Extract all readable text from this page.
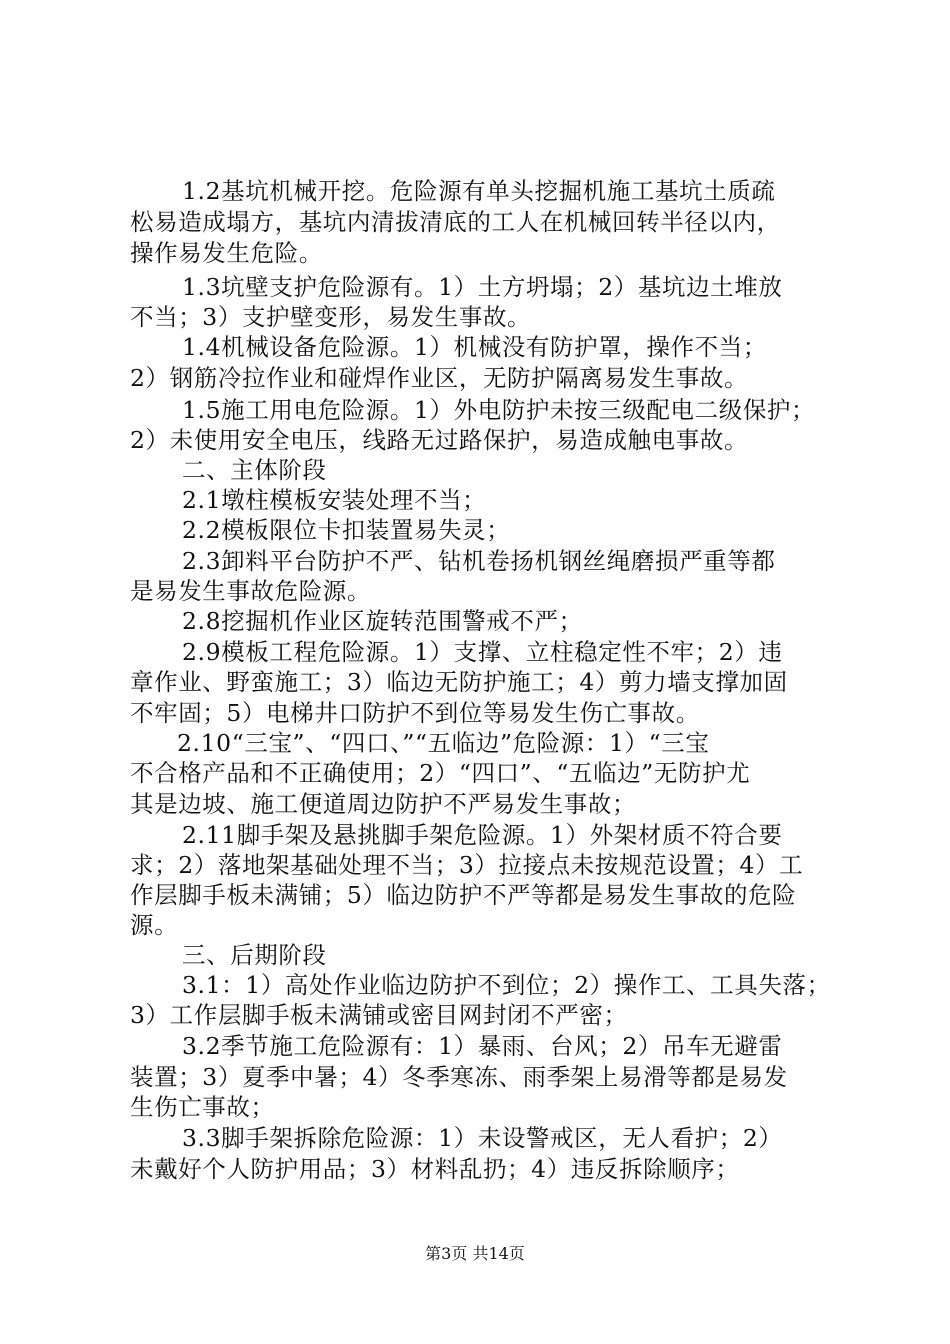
1.2基坑机械开挖。危险源有单头挖掘机施工基坑土质疏
松易造成塌方，基坑内清拔清底的工人在机械回转半径以内，
操作易发生危险。
1.3坑壁支护危险源有。1）土方坍塌；2）基坑边土堆放
不当；3）支护壁变形，易发生事故。
1.4机械设备危险源。1）机械没有防护罩，操作不当；
2）钢筋冷拉作业和碰焊作业区，无防护隔离易发生事故。
1.5施工用电危险源。1）外电防护未按三级配电二级保护；
2）未使用安全电压，线路无过路保护，易造成触电事故。
二、主体阶段
2.1墩柱模板安装处理不当；
2.2模板限位卡扣装置易失灵；
2.3卸料平台防护不严、钻机卷扬机钢丝绳磨损严重等都
是易发生事故危险源。
2.8挖掘机作业区旋转范围警戒不严；
2.9模板工程危险源。1）支撑、立柱稳定性不牢；2）违
章作业、野蛮施工；3）临边无防护施工；4）剪力墙支撑加固
不牢固；5）电梯井口防护不到位等易发生伤亡事故。
2.10“三宝”、“四口、”“五临边”危险源：1）“三宝
不合格产品和不正确使用；2）“四口”、“五临边”无防护尤
其是边坡、施工便道周边防护不严易发生事故；
2.11脚手架及悬挑脚手架危险源。1）外架材质不符合要
求；2）落地架基础处理不当；3）拉接点未按规范设置；4）工
作层脚手板未满铺；5）临边防护不严等都是易发生事故的危险
源。
三、后期阶段
3.1：1）高处作业临边防护不到位；2）操作工、工具失落；
3）工作层脚手板未满铺或密目网封闭不严密；
3.2季节施工危险源有：1）暴雨、台风；2）吊车无避雷
装置；3）夏季中暑；4）冬季寒冻、雨季架上易滑等都是易发
生伤亡事故；
3.3脚手架拆除危险源：1）未设警戒区，无人看护；2）
未戴好个人防护用品；3）材料乱扔；4）违反拆除顺序；
第3页 共14页
